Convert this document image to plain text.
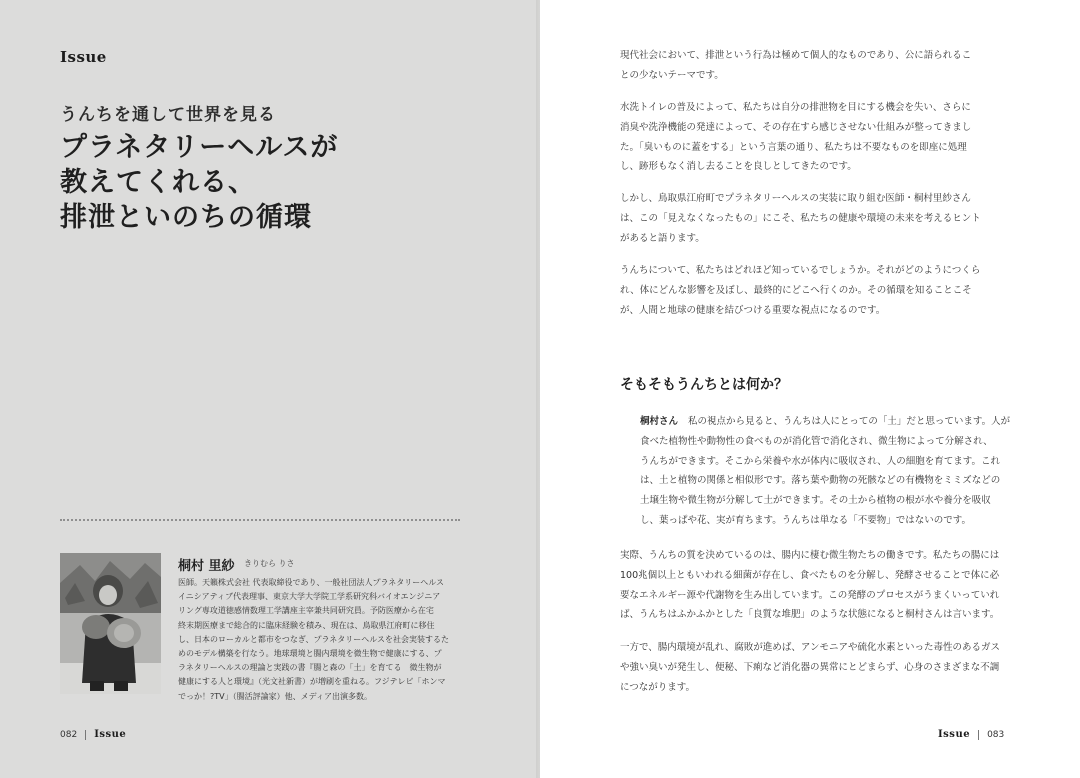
Issue
うんちを通して世界を見る
プラネタリーヘルスが
教えてくれる、
排泄といのちの循環
桐村 里紗 きりむら りさ

医師。天籟株式会社 代表取締役であり、一般社団法人プラネタリーヘルス
イニシアティブ代表理事、東京大学大学院工学系研究科バイオエンジニア
リング専攻道徳感情数理工学講座主宰兼共同研究員。予防医療から在宅
終末期医療まで総合的に臨床経験を積み、現在は、鳥取県江府町に移住
し、日本のローカルと都市をつなぎ、プラネタリーヘルスを社会実装するた
めのモデル構築を行なう。地球環境と腸内環境を微生物で健康にする、プ
ラネタリーヘルスの理論と実践の書『腸と森の「土」を育てる　微生物が
健康にする人と環境』（光文社新書）が増刷を重ねる。フジテレビ「ホンマ
でっか！?TV」（腸活評論家）他、メディア出演多数。

082 Issue

現代社会において、排泄という行為は極めて個人的なものであり、公に語られるこ
との少ないテーマです。

水洗トイレの普及によって、私たちは自分の排泄物を目にする機会を失い、さらに
消臭や洗浄機能の発達によって、その存在すら感じさせない仕組みが整ってきまし
た。「臭いものに蓋をする」という言葉の通り、私たちは不要なものを即座に処理
し、跡形もなく消し去ることを良しとしてきたのです。

しかし、鳥取県江府町でプラネタリーヘルスの実装に取り組む医師・桐村里紗さん
は、この「見えなくなったもの」にこそ、私たちの健康や環境の未来を考えるヒント
があると語ります。

うんちについて、私たちはどれほど知っているでしょうか。それがどのようにつくら
れ、体にどんな影響を及ぼし、最終的にどこへ行くのか。その循環を知ることこそ
が、人間と地球の健康を結びつける重要な視点になるのです。

そもそもうんちとは何か？

桐村さん 私の視点から見ると、うんちは人にとっての「土」だと思っています。人が
食べた植物性や動物性の食べものが消化管で消化され、微生物によって分解され、
うんちができます。そこから栄養や水が体内に吸収され、人の細胞を育てます。これ
は、土と植物の関係と相似形です。落ち葉や動物の死骸などの有機物をミミズなどの
土壌生物や微生物が分解して土ができます。その土から植物の根が水や養分を吸収
し、葉っぱや花、実が育ちます。うんちは単なる「不要物」ではないのです。

実際、うんちの質を決めているのは、腸内に棲む微生物たちの働きです。私たちの腸には
100兆個以上ともいわれる細菌が存在し、食べたものを分解し、発酵させることで体に必
要なエネルギー源や代謝物を生み出しています。この発酵のプロセスがうまくいっていれ
ば、うんちはふかふかとした「良質な堆肥」のような状態になると桐村さんは言います。

一方で、腸内環境が乱れ、腐敗が進めば、アンモニアや硫化水素といった毒性のあるガス
や強い臭いが発生し、便秘、下痢など消化器の異常にとどまらず、心身のさまざまな不調
につながります。

Issue 083
